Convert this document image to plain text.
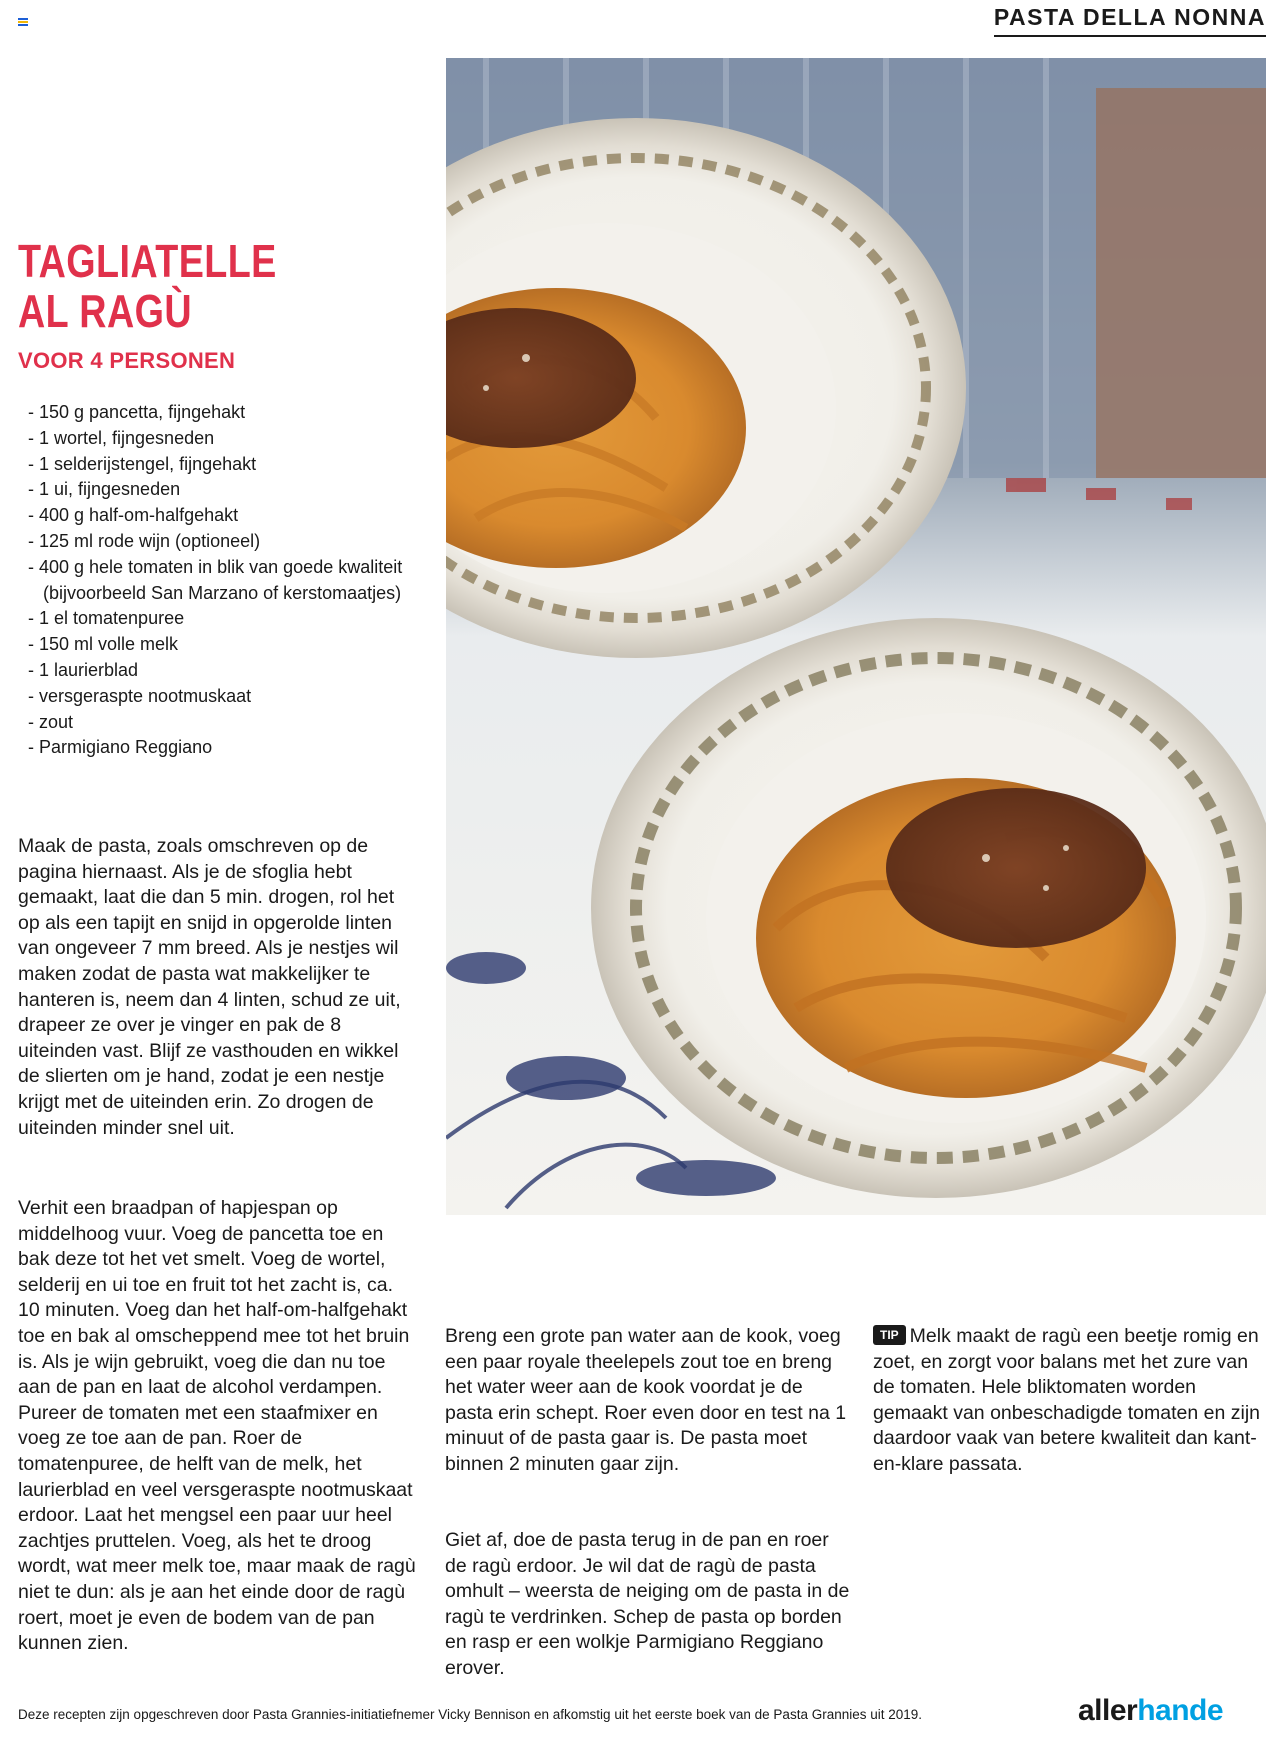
PASTA DELLA NONNA
TAGLIATELLE
AL RAGÙ
VOOR 4 PERSONEN
- 150 g pancetta, fijngehakt
- 1 wortel, fijngesneden
- 1 selderijstengel, fijngehakt
- 1 ui, fijngesneden
- 400 g half-om-halfgehakt
- 125 ml rode wijn (optioneel)
- 400 g hele tomaten in blik van goede kwaliteit (bijvoorbeeld San Marzano of kerstomaatjes)
- 1 el tomatenpuree
- 150 ml volle melk
- 1 laurierblad
- versgeraspte nootmuskaat
- zout
- Parmigiano Reggiano

Maak de pasta, zoals omschreven op de pagina hiernaast. Als je de sfoglia hebt gemaakt, laat die dan 5 min. drogen, rol het op als een tapijt en snijd in opgerolde linten van ongeveer 7 mm breed. Als je nestjes wil maken zodat de pasta wat makkelijker te hanteren is, neem dan 4 linten, schud ze uit, drapeer ze over je vinger en pak de 8 uiteinden vast. Blijf ze vasthouden en wikkel de slierten om je hand, zodat je een nestje krijgt met de uiteinden erin. Zo drogen de uiteinden minder snel uit.

Verhit een braadpan of hapjespan op middelhoog vuur. Voeg de pancetta toe en bak deze tot het vet smelt. Voeg de wortel, selderij en ui toe en fruit tot het zacht is, ca. 10 minuten. Voeg dan het half-om-halfgehakt toe en bak al omscheppend mee tot het bruin is. Als je wijn gebruikt, voeg die dan nu toe aan de pan en laat de alcohol verdampen. Pureer de tomaten met een staafmixer en voeg ze toe aan de pan. Roer de tomatenpuree, de helft van de melk, het laurierblad en veel versgeraspte nootmuskaat erdoor. Laat het mengsel een paar uur heel zachtjes pruttelen. Voeg, als het te droog wordt, wat meer melk toe, maar maak de ragù niet te dun: als je aan het einde door de ragù roert, moet je even de bodem van de pan kunnen zien.

Breng een grote pan water aan de kook, voeg een paar royale theelepels zout toe en breng het water weer aan de kook voordat je de pasta erin schept. Roer even door en test na 1 minuut of de pasta gaar is. De pasta moet binnen 2 minuten gaar zijn.

Giet af, doe de pasta terug in de pan en roer de ragù erdoor. Je wil dat de ragù de pasta omhult – weersta de neiging om de pasta in de ragù te verdrinken. Schep de pasta op borden en rasp er een wolkje Parmigiano Reggiano erover.

TIP Melk maakt de ragù een beetje romig en zoet, en zorgt voor balans met het zure van de tomaten. Hele bliktomaten worden gemaakt van onbeschadigde tomaten en zijn daardoor vaak van betere kwaliteit dan kant-en-klare passata.

Deze recepten zijn opgeschreven door Pasta Grannies-initiatiefnemer Vicky Bennison en afkomstig uit het eerste boek van de Pasta Grannies uit 2019.	allerhande
